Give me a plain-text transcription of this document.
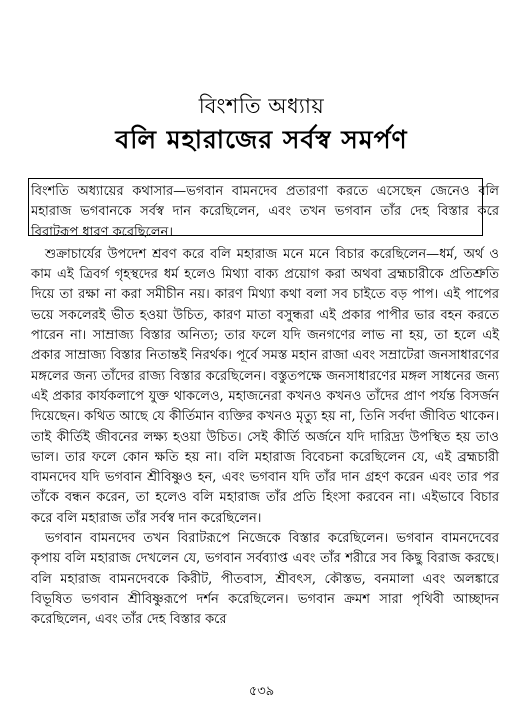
বিংশতি অধ্যায়
বলি মহারাজের সর্বস্ব সমর্পণ

বিংশতি অধ্যায়ের কথাসার—ভগবান বামনদেব প্রতারণা করতে এসেছেন জেনেও বলি মহারাজ ভগবানকে সর্বস্ব দান করেছিলেন, এবং তখন ভগবান তাঁর দেহ বিস্তার করে বিরাটরূপ ধারণ করেছিলেন।

শুক্রাচার্যের উপদেশ শ্রবণ করে বলি মহারাজ মনে মনে বিচার করেছিলেন—ধর্ম, অর্থ ও কাম এই ত্রিবর্গ গৃহস্থদের ধর্ম হলেও মিথ্যা বাক্য প্রয়োগ করা অথবা ব্রহ্মচারীকে প্রতিশ্রুতি দিয়ে তা রক্ষা না করা সমীচীন নয়। কারণ মিথ্যা কথা বলা সব চাইতে বড় পাপ। এই পাপের ভয়ে সকলেরই ভীত হওয়া উচিত, কারণ মাতা বসুন্ধরা এই প্রকার পাপীর ভার বহন করতে পারেন না। সাম্রাজ্য বিস্তার অনিত্য; তার ফলে যদি জনগণের লাভ না হয়, তা হলে এই প্রকার সাম্রাজ্য বিস্তার নিতান্তই নিরর্থক। পূর্বে সমস্ত মহান রাজা এবং সম্রাটেরা জনসাধারণের মঙ্গলের জন্য তাঁদের রাজ্য বিস্তার করেছিলেন। বস্তুতপক্ষে জনসাধারণের মঙ্গল সাধনের জন্য এই প্রকার কার্যকলাপে যুক্ত থাকলেও, মহাজনেরা কখনও কখনও তাঁদের প্রাণ পর্যন্ত বিসর্জন দিয়েছেন। কথিত আছে যে কীর্তিমান ব্যক্তির কখনও মৃত্যু হয় না, তিনি সর্বদা জীবিত থাকেন। তাই কীর্তিই জীবনের লক্ষ্য হওয়া উচিত। সেই কীর্তি অর্জনে যদি দারিদ্র্য উপস্থিত হয় তাও ভাল। তার ফলে কোন ক্ষতি হয় না। বলি মহারাজ বিবেচনা করেছিলেন যে, এই ব্রহ্মচারী বামনদেব যদি ভগবান শ্রীবিষ্ণুও হন, এবং ভগবান যদি তাঁর দান গ্রহণ করেন এবং তার পর তাঁকে বন্ধন করেন, তা হলেও বলি মহারাজ তাঁর প্রতি হিংসা করবেন না। এইভাবে বিচার করে বলি মহারাজ তাঁর সর্বস্ব দান করেছিলেন।

ভগবান বামনদেব তখন বিরাটরূপে নিজেকে বিস্তার করেছিলেন। ভগবান বামনদেবের কৃপায় বলি মহারাজ দেখলেন যে, ভগবান সর্বব্যাপ্ত এবং তাঁর শরীরে সব কিছু বিরাজ করছে। বলি মহারাজ বামনদেবকে কিরীট, পীতবাস, শ্রীবৎস, কৌস্তভ, বনমালা এবং অলঙ্কারে বিভূষিত ভগবান শ্রীবিষ্ণুরূপে দর্শন করেছিলেন। ভগবান ক্রমশ সারা পৃথিবী আচ্ছাদন করেছিলেন, এবং তাঁর দেহ বিস্তার করে

৫৩৯
